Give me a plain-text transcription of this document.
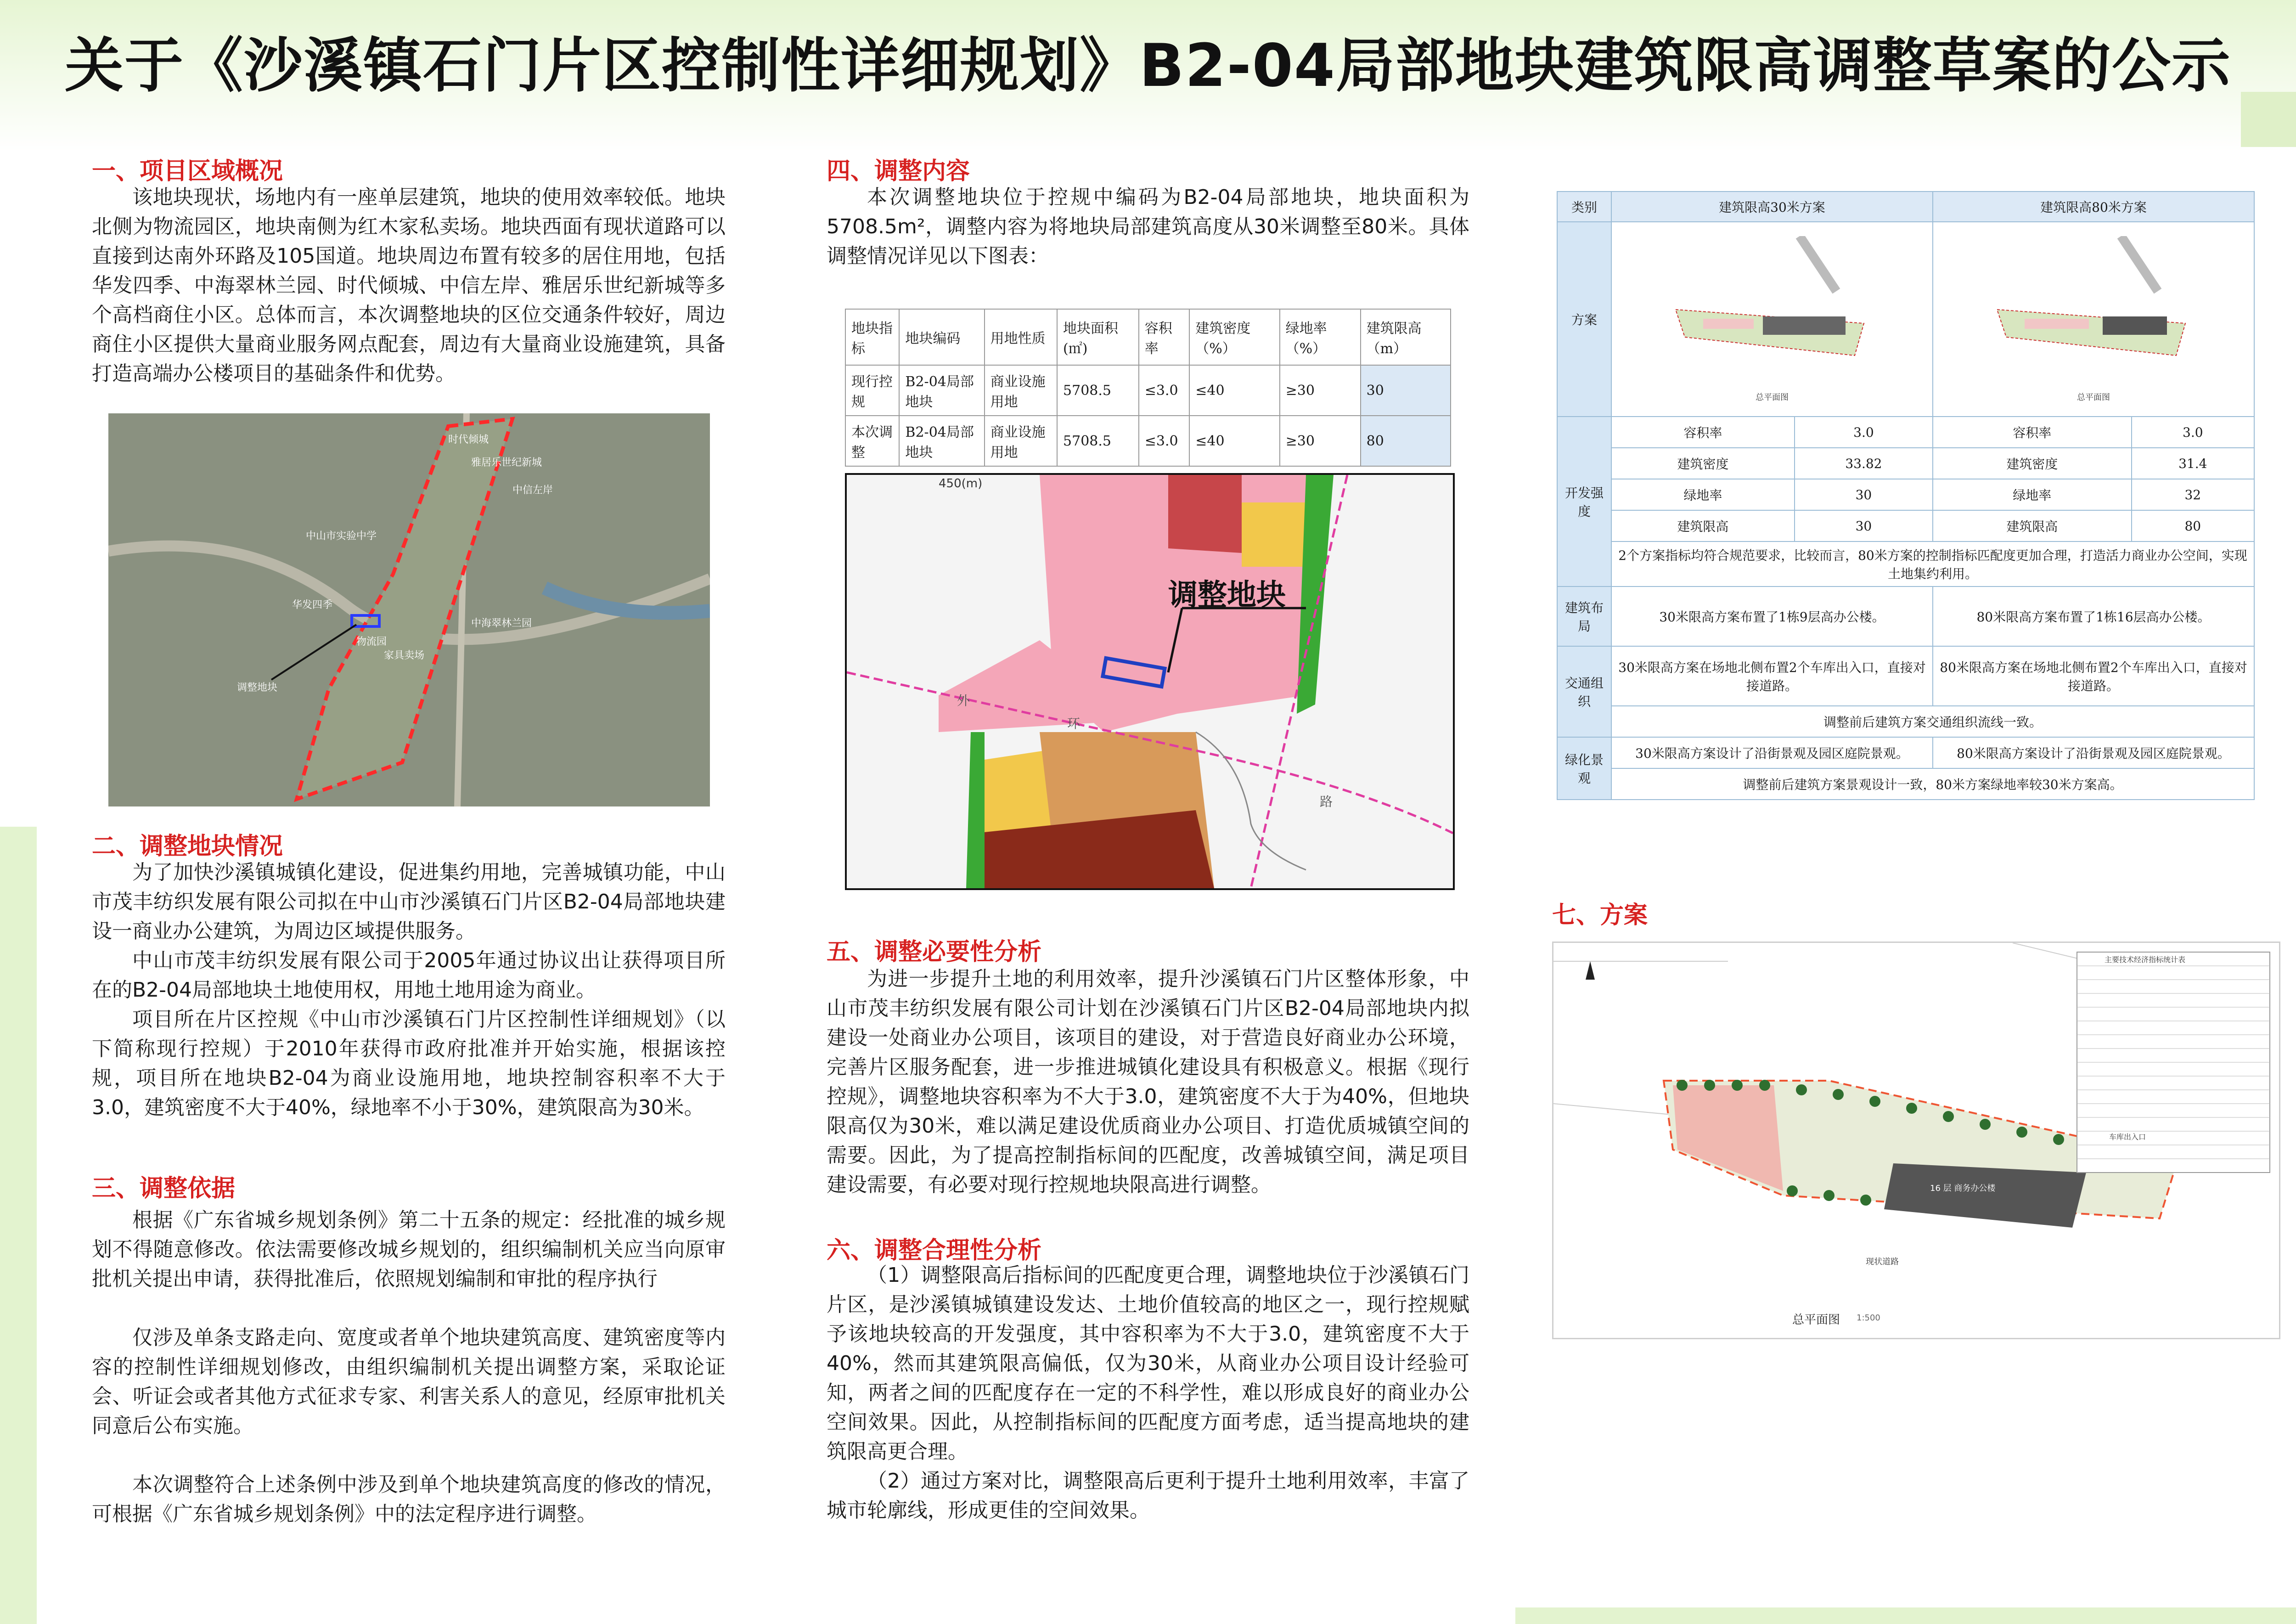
关于《沙溪镇石门片区控制性详细规划》B2-04局部地块建筑限高调整草案的公示
一、项目区域概况

该地块现状，场地内有一座单层建筑，地块的使用效率较低。地块北侧为物流园区，地块南侧为红木家私卖场。地块西面有现状道路可以直接到达南外环路及105国道。地块周边布置有较多的居住用地，包括华发四季、中海翠林兰园、时代倾城、中信左岸、雅居乐世纪新城等多个高档商住小区。总体而言，本次调整地块的区位交通条件较好，周边商住小区提供大量商业服务网点配套，周边有大量商业设施建筑，具备打造高端办公楼项目的基础条件和优势。

时代倾城
雅居乐世纪新城
中信左岸
中山市实验中学
华发四季
中海翠林兰园
物流园
家具卖场
调整地块
二、调整地块情况

为了加快沙溪镇城镇化建设，促进集约用地，完善城镇功能，中山市茂丰纺织发展有限公司拟在中山市沙溪镇石门片区B2-04局部地块建设一商业办公建筑，为周边区域提供服务。

中山市茂丰纺织发展有限公司于2005年通过协议出让获得项目所在的B2-04局部地块土地使用权，用地土地用途为商业。

项目所在片区控规《中山市沙溪镇石门片区控制性详细规划》（以下简称现行控规）于2010年获得市政府批准并开始实施，根据该控规，项目所在地块B2-04为商业设施用地，地块控制容积率不大于3.0，建筑密度不大于40%，绿地率不小于30%，建筑限高为30米。

三、调整依据

根据《广东省城乡规划条例》第二十五条的规定：经批准的城乡规划不得随意修改。依法需要修改城乡规划的，组织编制机关应当向原审批机关提出申请，获得批准后，依照规划编制和审批的程序执行

仅涉及单条支路走向、宽度或者单个地块建筑高度、建筑密度等内容的控制性详细规划修改，由组织编制机关提出调整方案，采取论证会、听证会或者其他方式征求专家、利害关系人的意见，经原审批机关同意后公布实施。

本次调整符合上述条例中涉及到单个地块建筑高度的修改的情况，可根据《广东省城乡规划条例》中的法定程序进行调整。

四、调整内容

本次调整地块位于控规中编码为B2-04局部地块，地块面积为5708.5m²，调整内容为将地块局部建筑高度从30米调整至80米。具体调整情况详见以下图表：

地块指标	地块编码	用地性质	地块面积(㎡)	容积率	建筑密度（%）	绿地率（%）	建筑限高（m）
现行控规	B2-04局部地块	商业设施用地	5708.5	≤3.0	≤40	≥30	30
本次调整	B2-04局部地块	商业设施用地	5708.5	≤3.0	≤40	≥30	80
450(m)
调整地块
外
环
路
五、调整必要性分析

为进一步提升土地的利用效率，提升沙溪镇石门片区整体形象，中山市茂丰纺织发展有限公司计划在沙溪镇石门片区B2-04局部地块内拟建设一处商业办公项目，该项目的建设，对于营造良好商业办公环境，完善片区服务配套，进一步推进城镇化建设具有积极意义。根据《现行控规》，调整地块容积率为不大于3.0，建筑密度不大于为40%，但地块限高仅为30米，难以满足建设优质商业办公项目、打造优质城镇空间的需要。因此，为了提高控制指标间的匹配度，改善城镇空间，满足项目建设需要，有必要对现行控规地块限高进行调整。

六、调整合理性分析

（1）调整限高后指标间的匹配度更合理，调整地块位于沙溪镇石门片区，是沙溪镇城镇建设发达、土地价值较高的地区之一，现行控规赋予该地块较高的开发强度，其中容积率为不大于3.0，建筑密度不大于40%，然而其建筑限高偏低，仅为30米，从商业办公项目设计经验可知，两者之间的匹配度存在一定的不科学性，难以形成良好的商业办公空间效果。因此，从控制指标间的匹配度方面考虑，适当提高地块的建筑限高更合理。

（2）通过方案对比，调整限高后更利于提升土地利用效率，丰富了城市轮廓线，形成更佳的空间效果。

类别	建筑限高30米方案		建筑限高80米方案	
方案	总平面图		总平面图	

开发强度	容积率	3.0	容积率	3.0
	建筑密度	33.82	建筑密度	31.4
	绿地率	30	绿地率	32
	建筑限高	30	建筑限高	80
	2个方案指标均符合规范要求，比较而言，80米方案的控制指标匹配度更加合理，打造活力商业办公空间，实现土地集约利用。			
建筑布局	30米限高方案布置了1栋9层高办公楼。		80米限高方案布置了1栋16层高办公楼。	
交通组织	30米限高方案在场地北侧布置2个车库出入口，直接对接道路。		80米限高方案在场地北侧布置2个车库出入口，直接对接道路。	
	调整前后建筑方案交通组织流线一致。			
绿化景观	30米限高方案设计了沿街景观及园区庭院景观。		80米限高方案设计了沿街景观及园区庭院景观。	
	调整前后建筑方案景观设计一致，80米方案绿地率较30米方案高。			
七、方案
主要技术经济指标统计表
16 层 商务办公楼
车库出入口
现状道路
总平面图 1:500
